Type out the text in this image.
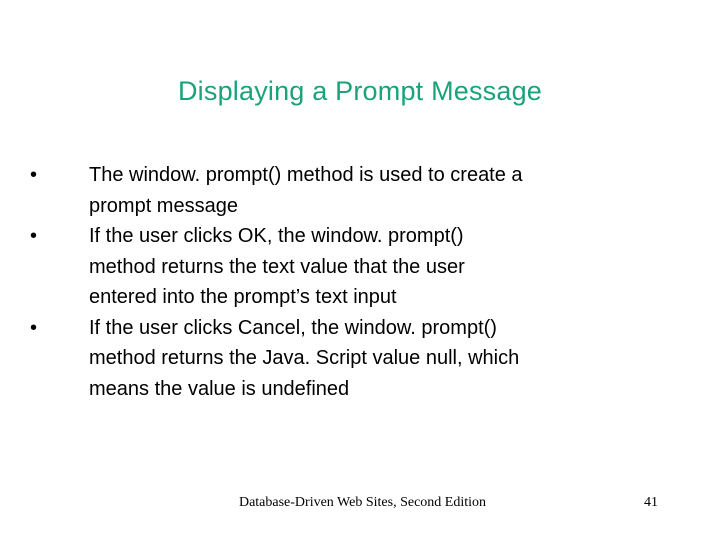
Displaying a Prompt Message
•	The window. prompt() method is used to create a
prompt message
•	If the user clicks OK, the window. prompt()
method returns the text value that the user
entered into the prompt’s text input
•	If the user clicks Cancel, the window. prompt()
method returns the Java. Script value null, which
means the value is undefined
Database-Driven Web Sites, Second Edition	41
